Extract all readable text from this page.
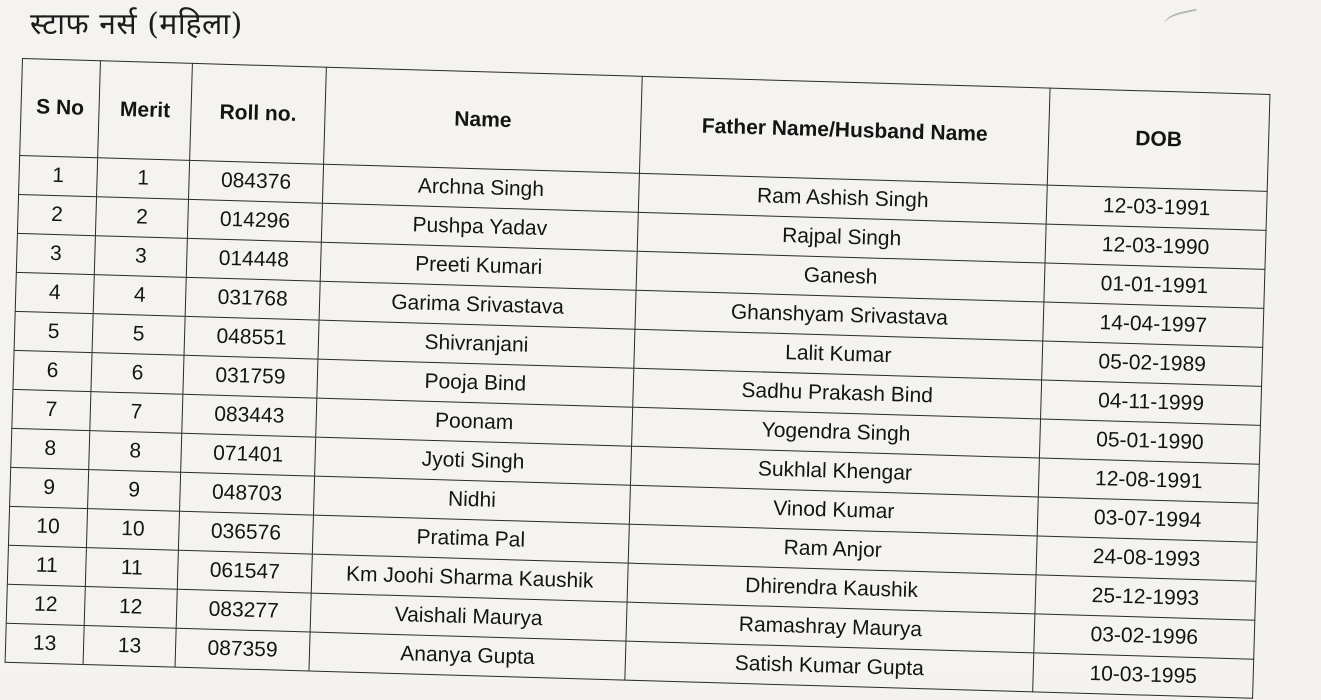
स्टाफ नर्स (महिला)
S No	Merit	Roll no.	Name	Father Name/Husband Name	DOB
1	1	084376	Archna Singh	Ram Ashish Singh	12-03-1991
2	2	014296	Pushpa Yadav	Rajpal Singh	12-03-1990
3	3	014448	Preeti Kumari	Ganesh	01-01-1991
4	4	031768	Garima Srivastava	Ghanshyam Srivastava	14-04-1997
5	5	048551	Shivranjani	Lalit Kumar	05-02-1989
6	6	031759	Pooja Bind	Sadhu Prakash Bind	04-11-1999
7	7	083443	Poonam	Yogendra Singh	05-01-1990
8	8	071401	Jyoti Singh	Sukhlal Khengar	12-08-1991
9	9	048703	Nidhi	Vinod Kumar	03-07-1994
10	10	036576	Pratima Pal	Ram Anjor	24-08-1993
11	11	061547	Km Joohi Sharma Kaushik	Dhirendra Kaushik	25-12-1993
12	12	083277	Vaishali Maurya	Ramashray Maurya	03-02-1996
13	13	087359	Ananya Gupta	Satish Kumar Gupta	10-03-1995
